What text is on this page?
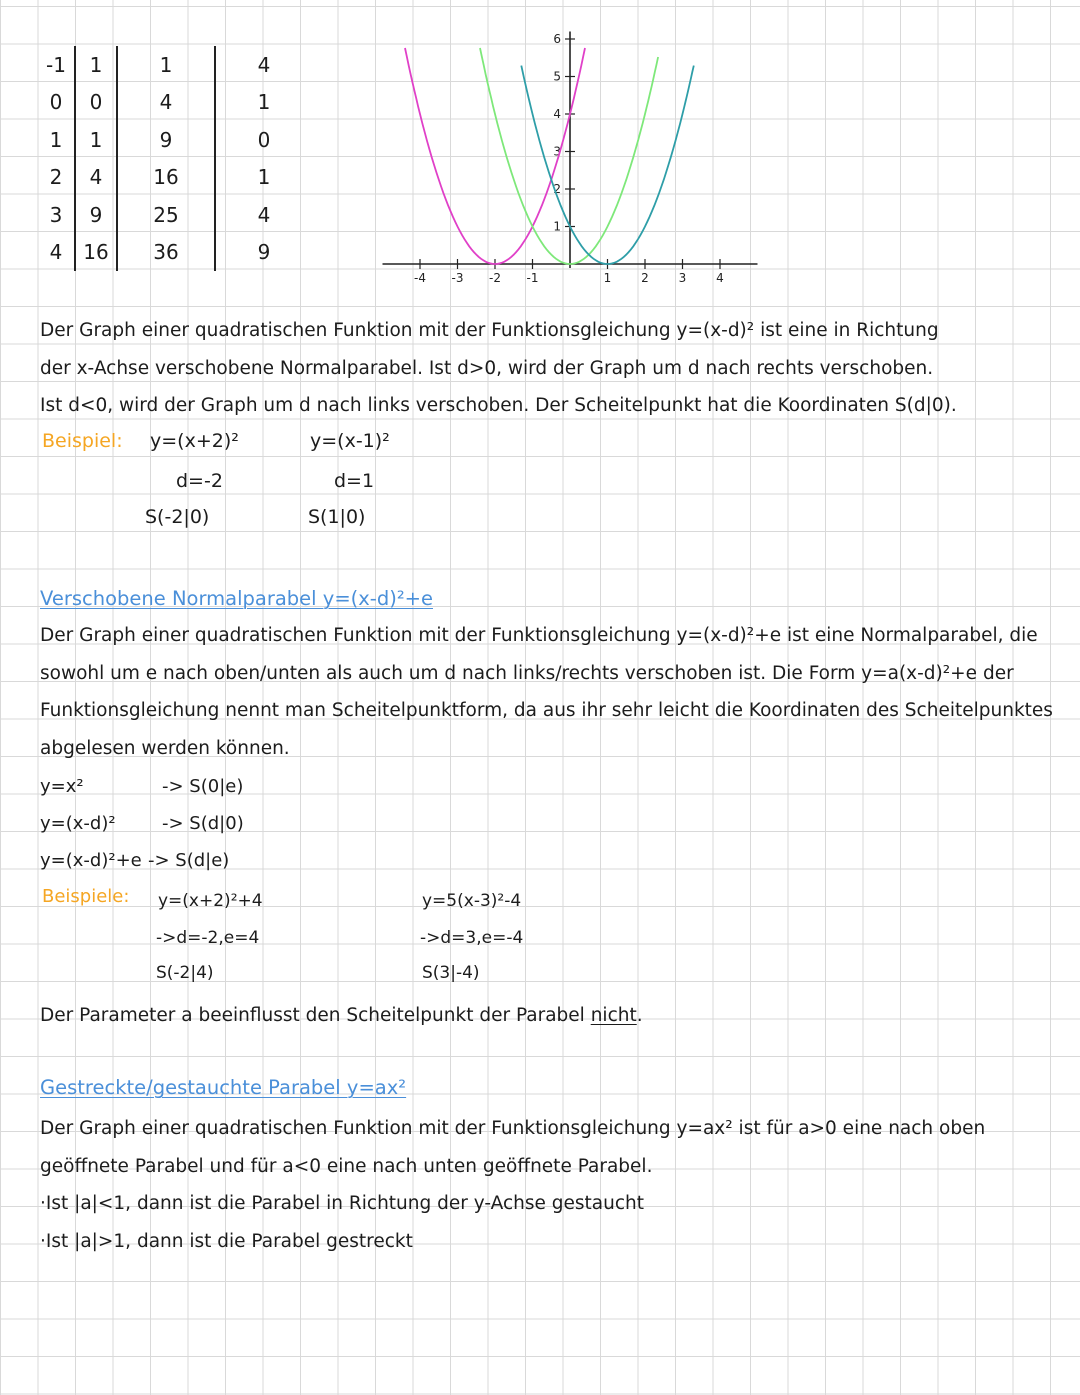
-1	1	1	4
0	0	4	1
1	1	9	0
2	4	16	1
3	9	25	4
4	16	36	9
-4 -3 -2 -1	1 2 3 4
1
2
3
4
5
6

Der Graph einer quadratischen Funktion mit der Funktionsgleichung y=(x-d)² ist eine in Richtung

der x-Achse verschobene Normalparabel. Ist d>0, wird der Graph um d nach rechts verschoben.

Ist d<0, wird der Graph um d nach links verschoben. Der Scheitelpunkt hat die Koordinaten S(d|0).

Beispiel: y=(x+2)²
d=-2
S(-2|0)
y=(x-1)²
d=1
S(1|0)
Verschobene Normalparabel y=(x-d)²+e

Der Graph einer quadratischen Funktion mit der Funktionsgleichung y=(x-d)²+e ist eine Normalparabel, die

sowohl um e nach oben/unten als auch um d nach links/rechts verschoben ist. Die Form y=a(x-d)²+e der

Funktionsgleichung nennt man Scheitelpunktform, da aus ihr sehr leicht die Koordinaten des Scheitelpunktes

abgelesen werden können.

y=x²	-> S(0|e)
y=(x-d)²	-> S(d|0)
y=(x-d)²+e -> S(d|e)
Beispiele: y=(x+2)²+4
->d=-2,e=4
S(-2|4)
y=5(x-3)²-4
->d=3,e=-4
S(3|-4)

Der Parameter a beeinflusst den Scheitelpunkt der Parabel nicht.

Gestreckte/gestauchte Parabel y=ax²

Der Graph einer quadratischen Funktion mit der Funktionsgleichung y=ax² ist für a>0 eine nach oben

geöffnete Parabel und für a<0 eine nach unten geöffnete Parabel.

·Ist |a|<1, dann ist die Parabel in Richtung der y-Achse gestaucht

·Ist |a|>1, dann ist die Parabel gestreckt
